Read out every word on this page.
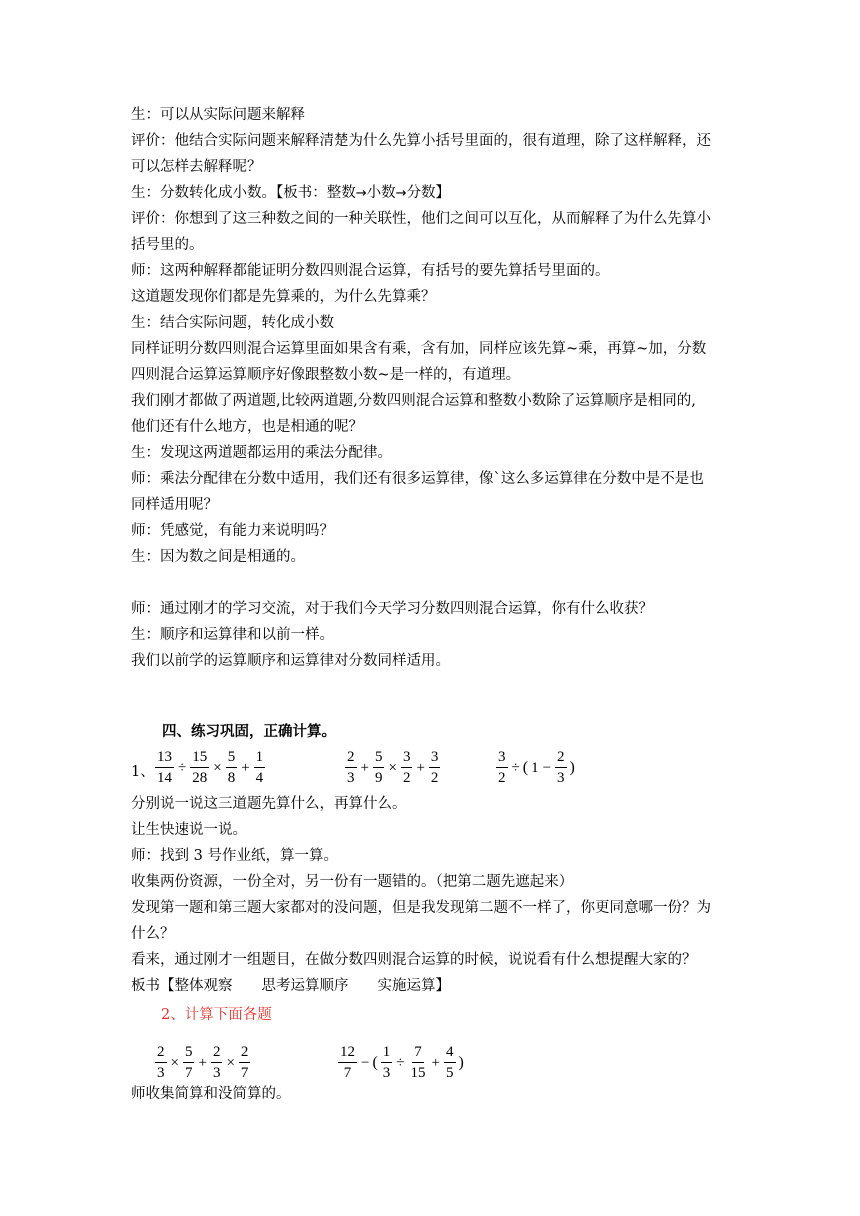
生：可以从实际问题来解释
评价：他结合实际问题来解释清楚为什么先算小括号里面的，很有道理，除了这样解释，还
可以怎样去解释呢？
生：分数转化成小数。【板书：整数→小数→分数】
评价：你想到了这三种数之间的一种关联性，他们之间可以互化，从而解释了为什么先算小
括号里的。
师：这两种解释都能证明分数四则混合运算，有括号的要先算括号里面的。
这道题发现你们都是先算乘的，为什么先算乘？
生：结合实际问题，转化成小数
同样证明分数四则混合运算里面如果含有乘，含有加，同样应该先算~乘，再算~加，分数
四则混合运算运算顺序好像跟整数小数~是一样的，有道理。
我们刚才都做了两道题,比较两道题,分数四则混合运算和整数小数除了运算顺序是相同的,
他们还有什么地方，也是相通的呢？
生：发现这两道题都运用的乘法分配律。
师：乘法分配律在分数中适用，我们还有很多运算律，像`这么多运算律在分数中是不是也
同样适用呢？
师：凭感觉，有能力来说明吗？
生：因为数之间是相通的。
师：通过刚才的学习交流，对于我们今天学习分数四则混合运算，你有什么收获？
生：顺序和运算律和以前一样。
我们以前学的运算顺序和运算律对分数同样适用。
四、练习巩固，正确计算。
1、 $\frac{13}{14} \div \frac{15}{28} \times \frac{5}{8} + \frac{1}{4}$	$\frac{2}{3} + \frac{5}{9} \times \frac{3}{2} + \frac{3}{2}$	$\frac{3}{2}$ ÷ ( $1 - \frac{2}{3}$ )
分别说一说这三道题先算什么，再算什么。
让生快速说一说。
师：找到 3 号作业纸，算一算。
收集两份资源，一份全对，另一份有一题错的。（把第二题先遮起来）
发现第一题和第三题大家都对的没问题，但是我发现第二题不一样了，你更同意哪一份？为
什么？
看来，通过刚才一组题目，在做分数四则混合运算的时候，说说看有什么想提醒大家的？
板书【整体观察　　思考运算顺序　　实施运算】
2、计算下面各题
$\frac{2}{3} \times \frac{5}{7} + \frac{2}{3} \times \frac{2}{7}$	$\frac{12}{7}$ − ( $\frac{1}{3} \div \frac{7}{15} + \frac{4}{5}$ )
师收集简算和没简算的。
